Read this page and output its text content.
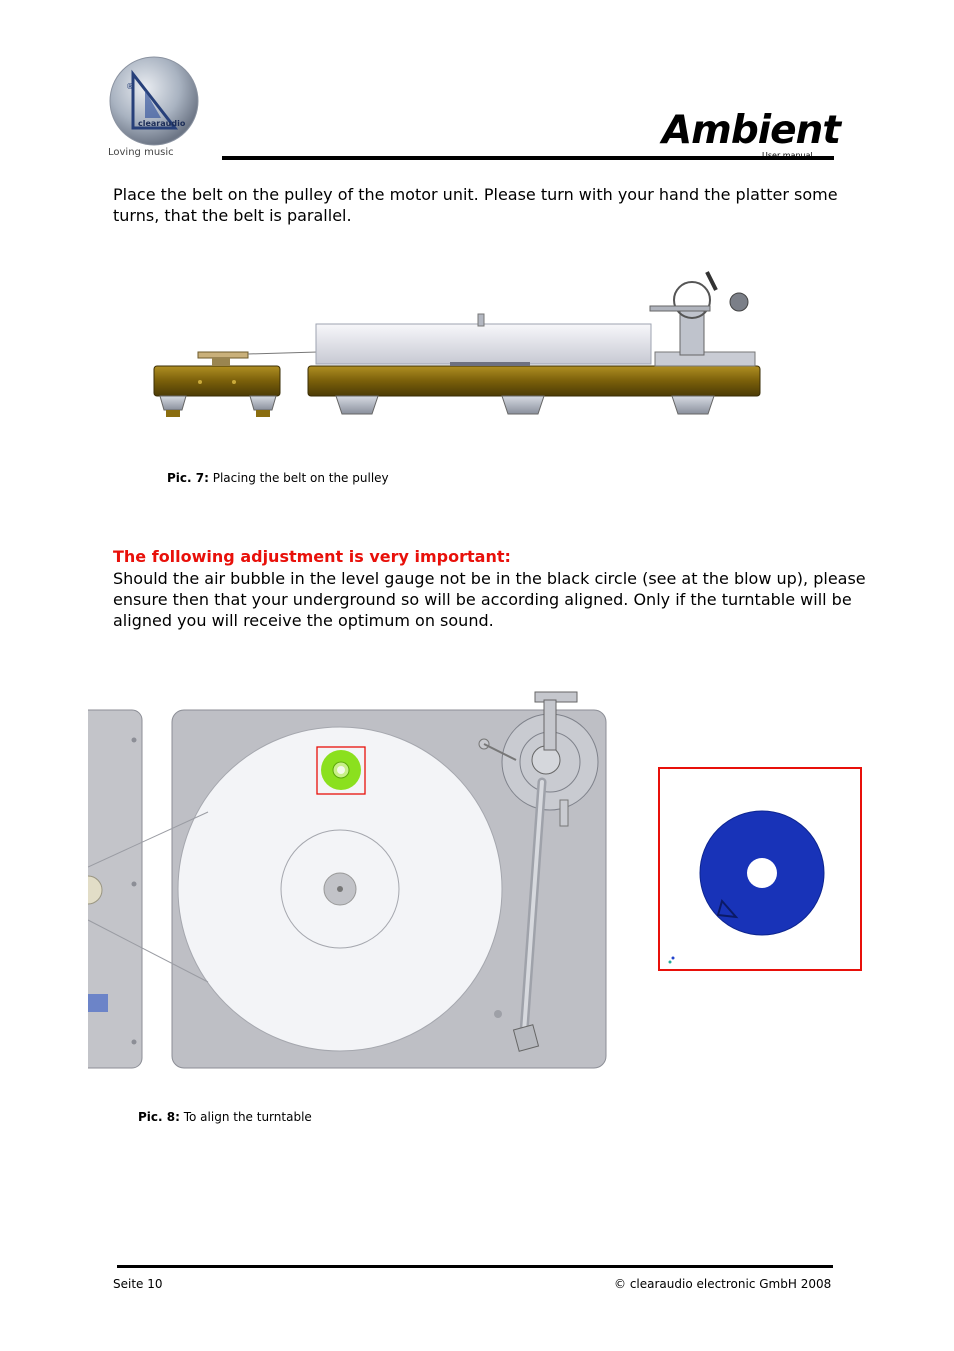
®
clearaudio
Loving music	Ambient
User manual
Place the belt on the pulley of the motor unit. Please turn with your hand the platter some turns, that the belt is parallel.
Pic. 7: Placing the belt on the pulley
The following adjustment is very important:
Should the air bubble in the level gauge not be in the black circle (see at the blow up), please ensure then that your underground so will be according aligned. Only if the turntable will be aligned you will receive the optimum on sound.
Pic. 8: To align the turntable
Seite 10	© clearaudio electronic GmbH 2008
